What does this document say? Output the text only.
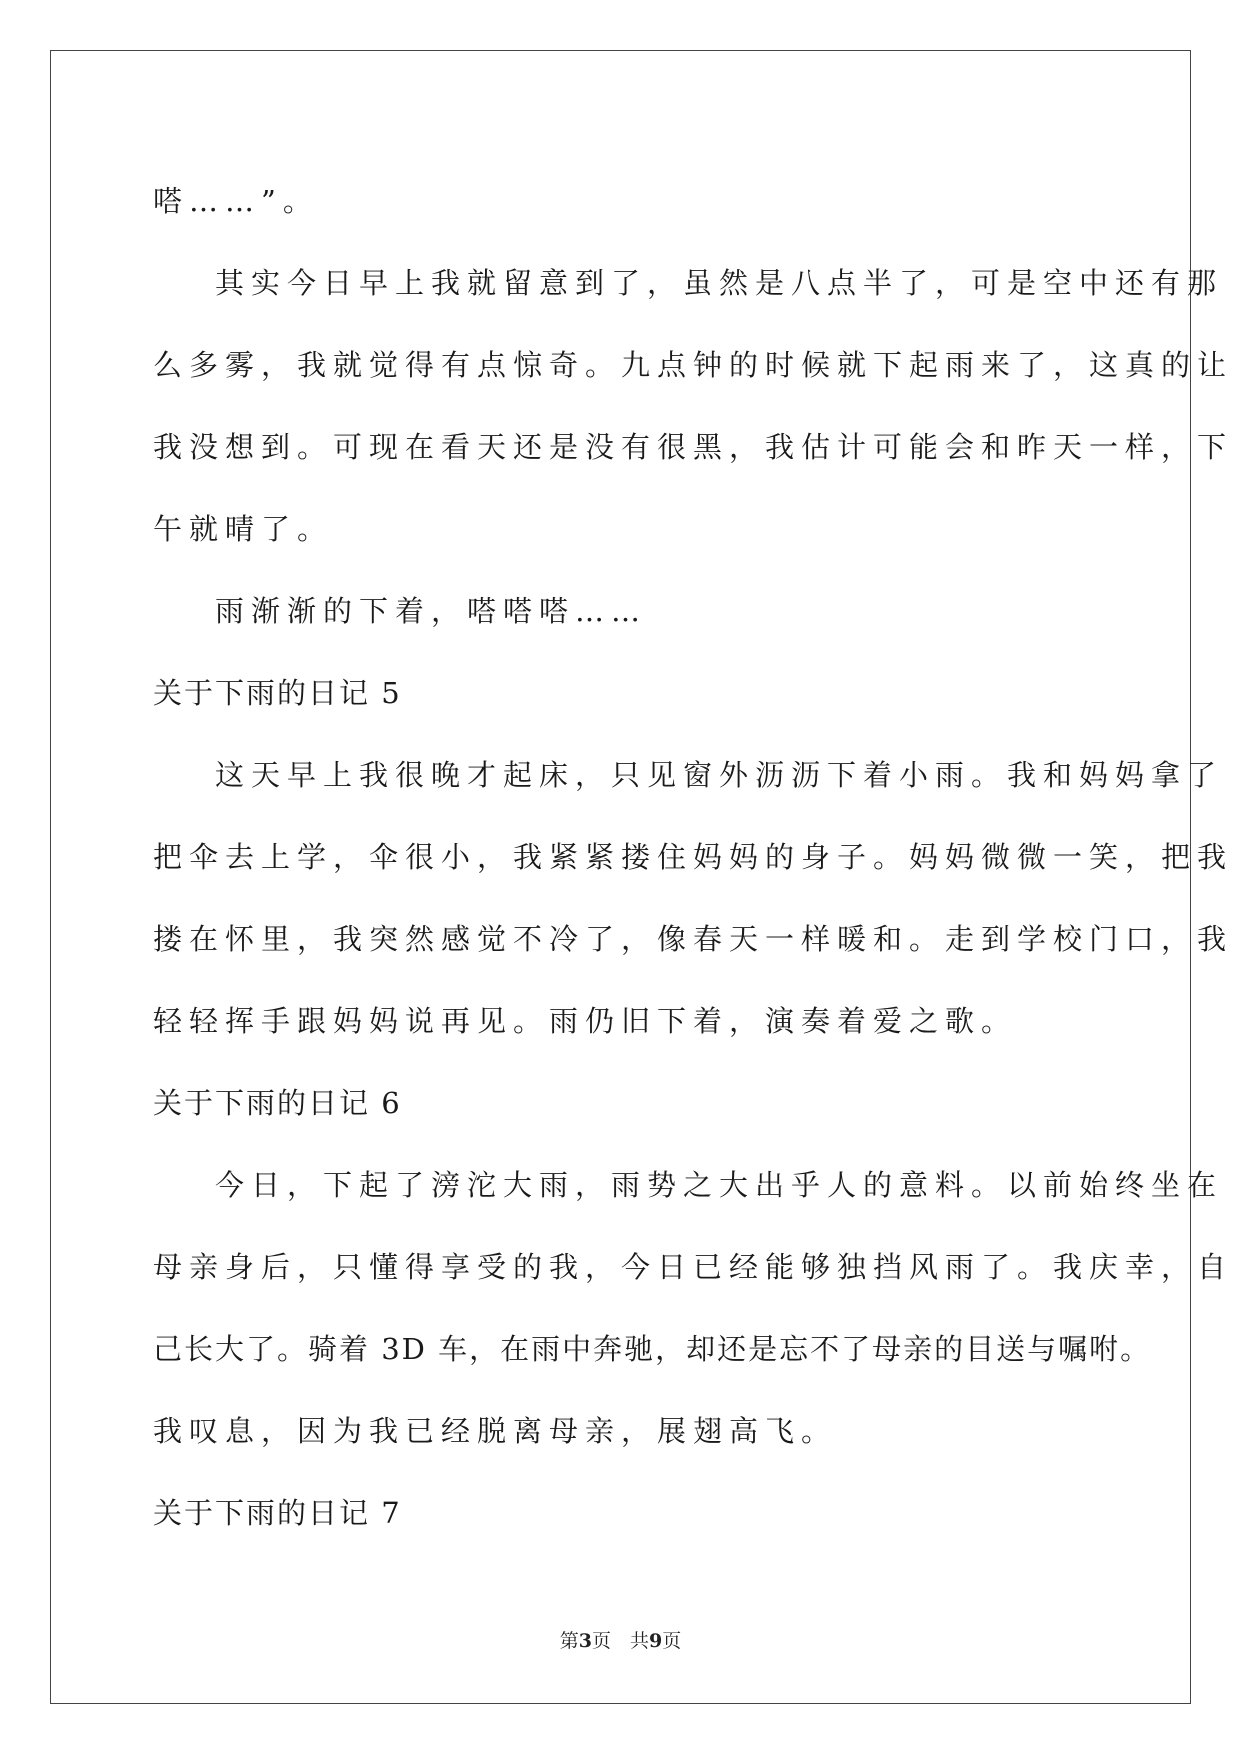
嗒……”。
其实今日早上我就留意到了，虽然是八点半了，可是空中还有那
么多雾，我就觉得有点惊奇。九点钟的时候就下起雨来了，这真的让
我没想到。可现在看天还是没有很黑，我估计可能会和昨天一样，下
午就晴了。
雨渐渐的下着，嗒嗒嗒……
关于下雨的日记 5
这天早上我很晚才起床，只见窗外沥沥下着小雨。我和妈妈拿了
把伞去上学，伞很小，我紧紧搂住妈妈的身子。妈妈微微一笑，把我
搂在怀里，我突然感觉不冷了，像春天一样暖和。走到学校门口，我
轻轻挥手跟妈妈说再见。雨仍旧下着，演奏着爱之歌。
关于下雨的日记 6
今日，下起了滂沱大雨，雨势之大出乎人的意料。以前始终坐在
母亲身后，只懂得享受的我，今日已经能够独挡风雨了。我庆幸，自
己长大了。骑着 3D 车，在雨中奔驰，却还是忘不了母亲的目送与嘱咐。
我叹息，因为我已经脱离母亲，展翅高飞。
关于下雨的日记 7
第3页　共9页
